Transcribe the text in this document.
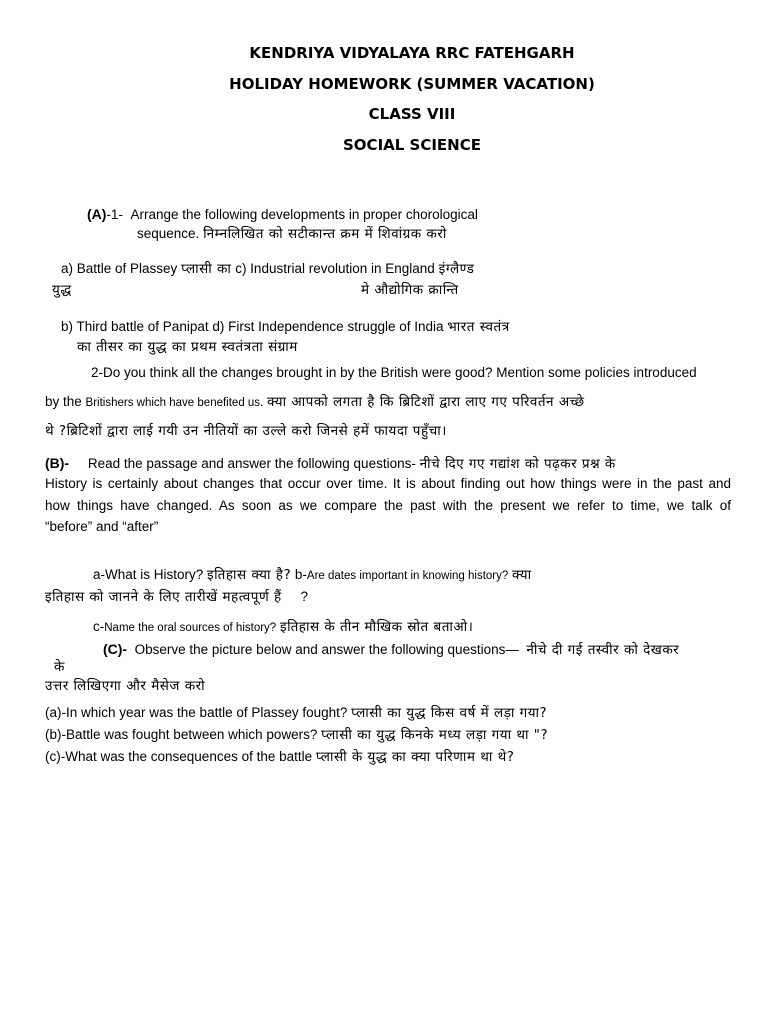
KENDRIYA VIDYALAYA RRC FATEHGARH
HOLIDAY HOMEWORK (SUMMER VACATION)
CLASS VIII
SOCIAL SCIENCE
(A)-1- Arrange the following developments in proper chorological
sequence. निम्नलिखित को सटीकान्त क्रम में शिवांग्रक करो
a) Battle of Plassey प्लासी का c) Industrial revolution in England इंग्लैण्ड
युद्ध	मे औद्योगिक क्रान्ति
b) Third battle of Panipat d) First Independence struggle of India भारत स्वतंत्र
का तीसर का युद्ध का प्रथम स्वतंत्रता संग्राम
2-Do you think all the changes brought in by the British were good? Mention some policies introduced
by the Britishers which have benefited us. क्या आपको लगता है कि ब्रिटिशों द्वारा लाए गए परिवर्तन अच्छे
थे ?ब्रिटिशों द्वारा लाई गयी उन नीतियों का उल्ले करो जिनसे हमें फायदा पहुँचा।
(B)- Read the passage and answer the following questions- नीचे दिए गए गद्यांश को पढ़कर प्रश्न के
History is certainly about changes that occur over time. It is about finding out how things were in the past and
how things have changed. As soon as we compare the past with the present we refer to time, we talk of
“before” and “after”
a-What is History? इतिहास क्या है? b-Are dates important in knowing history? क्या
इतिहास को जानने के लिए तारीखें महत्वपूर्ण हैं ?
c-Name the oral sources of history? इतिहास के तीन मौखिक स्रोत बताओ।
(C)- Observe the picture below and answer the following questions— नीचे दी गई तस्वीर को देखकर
के
उत्तर लिखिएगा और मैसेज करो
(a)-In which year was the battle of Plassey fought? प्लासी का युद्ध किस वर्ष में लड़ा गया?
(b)-Battle was fought between which powers? प्लासी का युद्ध किनके मध्य लड़ा गया था "?
(c)-What was the consequences of the battle प्लासी के युद्ध का क्या परिणाम था थे?
